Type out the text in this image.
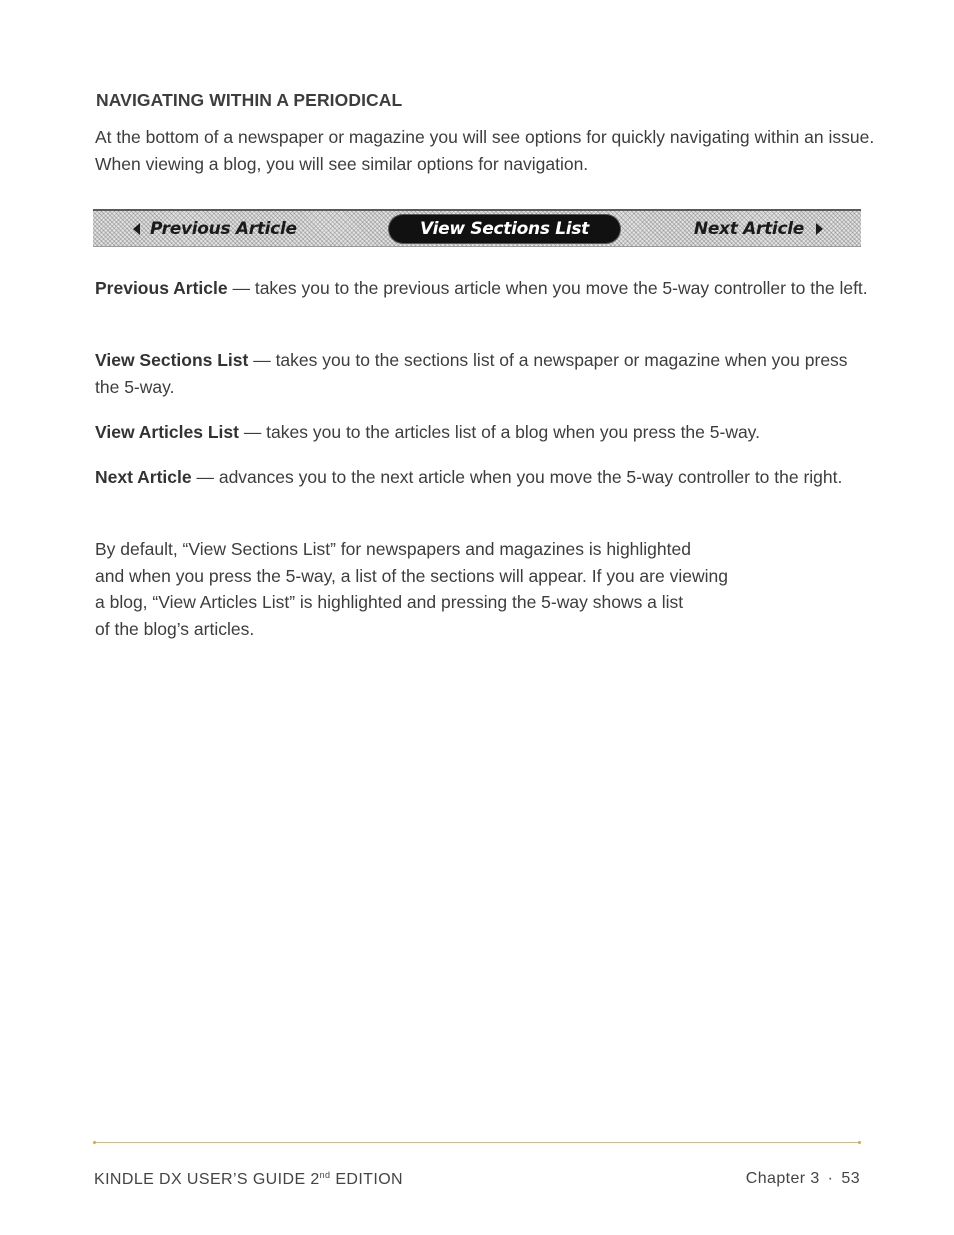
NAVIGATING WITHIN A PERIODICAL

At the bottom of a newspaper or magazine you will see options for quickly navigating within an issue. When viewing a blog, you will see similar options for navigation.

Previous Article	View Sections List	Next Article

Previous Article — takes you to the previous article when you move the 5-way controller to the left.

View Sections List — takes you to the sections list of a newspaper or magazine when you press the 5-way.

View Articles List — takes you to the articles list of a blog when you press the 5-way.

Next Article — advances you to the next article when you move the 5-way controller to the right.

By default, “View Sections List” for newspapers and magazines is highlighted
and when you press the 5-way, a list of the sections will appear. If you are viewing
a blog, “View Articles List” is highlighted and pressing the 5-way shows a list
of the blog’s articles.

KINDLE DX USER’S GUIDE 2nd EDITION	Chapter 3 · 53
